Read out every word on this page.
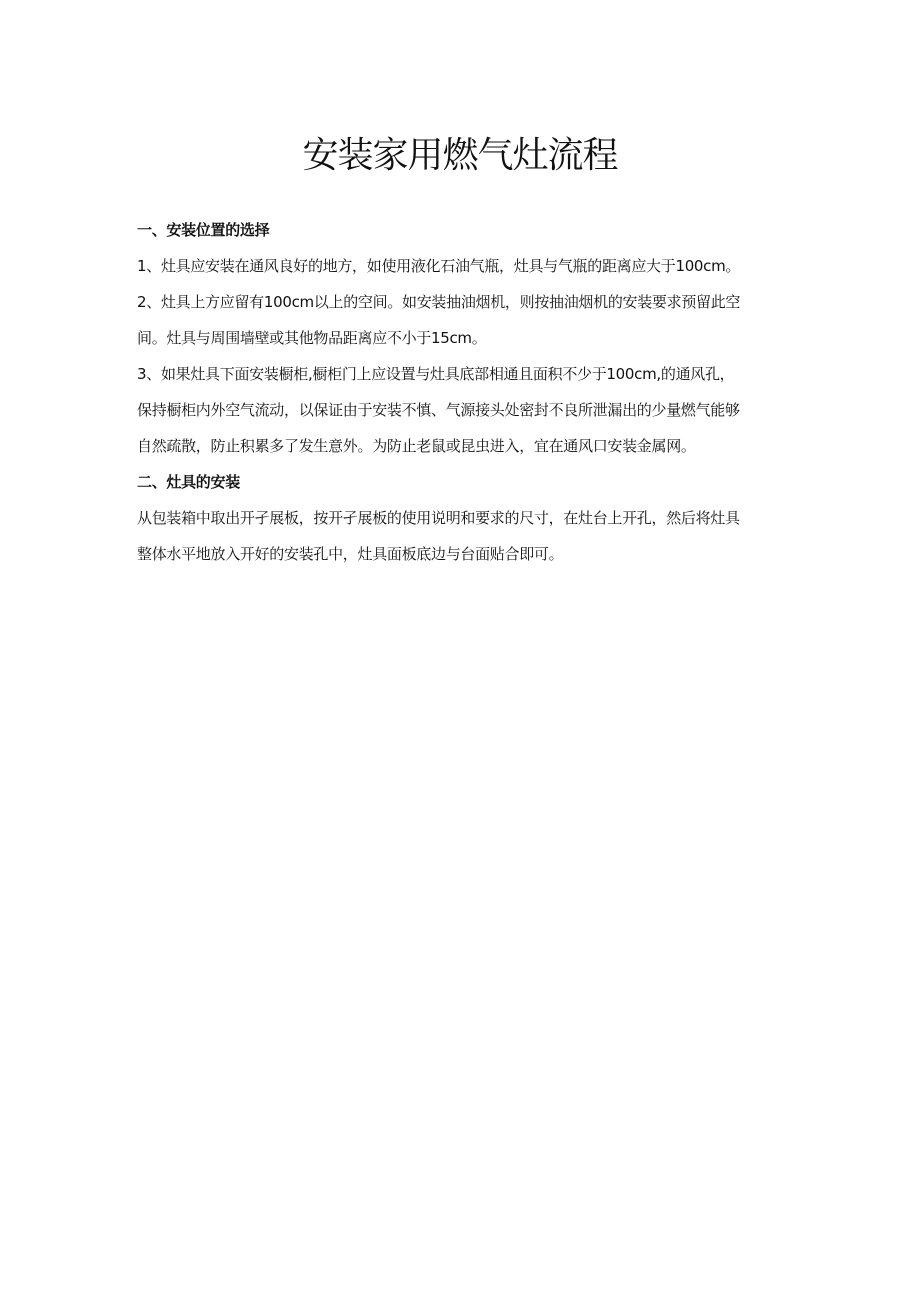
安装家用燃气灶流程
一、安装位置的选择
1、灶具应安装在通风良好的地方，如使用液化石油气瓶，灶具与气瓶的距离应大于100cm。
2、灶具上方应留有100cm以上的空间。如安装抽油烟机，则按抽油烟机的安装要求预留此空
间。灶具与周围墙壁或其他物品距离应不小于15cm。
3、如果灶具下面安装橱柜,橱柜门上应设置与灶具底部相通且面积不少于100cm,的通风孔，
保持橱柜内外空气流动，以保证由于安装不慎、气源接头处密封不良所泄漏出的少量燃气能够
自然疏散，防止积累多了发生意外。为防止老鼠或昆虫进入，宜在通风口安装金属网。
二、灶具的安装
从包装箱中取出开孑展板，按开孑展板的使用说明和要求的尺寸，在灶台上开孔，然后将灶具
整体水平地放入开好的安装孔中，灶具面板底边与台面贴合即可。
